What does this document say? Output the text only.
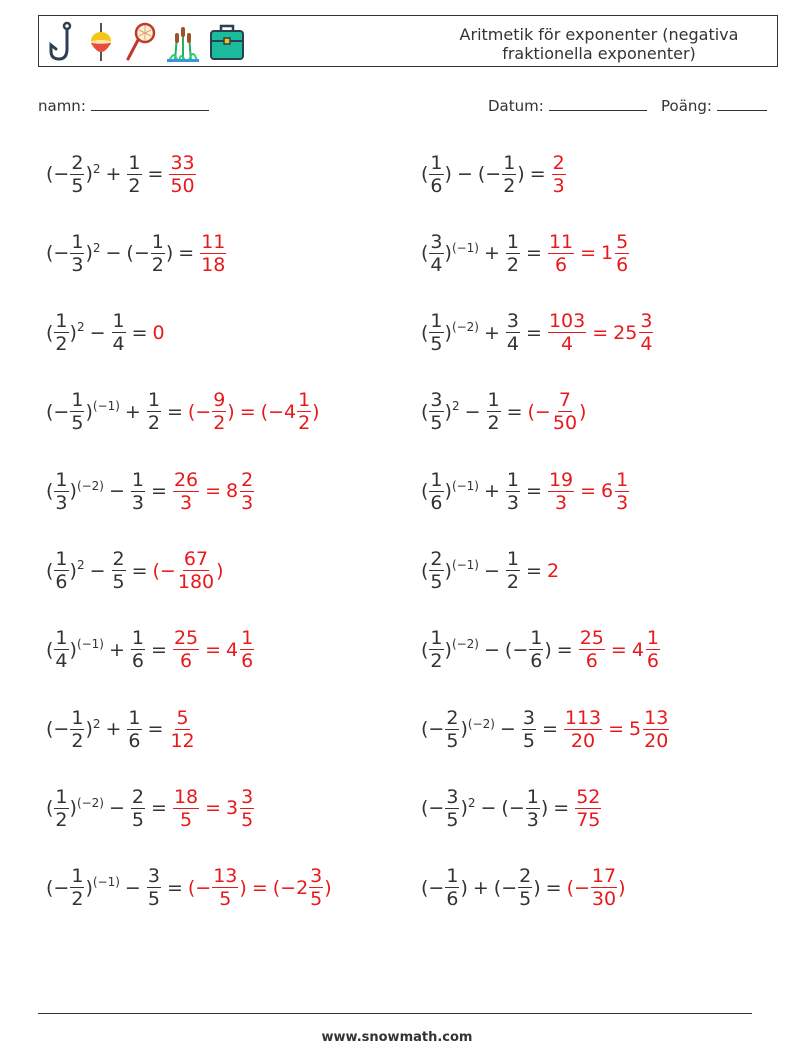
Aritmetik för exponenter (negativa fraktionella exponenter)
namn:	Datum:	Poäng:
( − $\frac{2}{5}$ ) $2 + \frac{1}{2} = \frac{33}{50}$	( $\frac{1}{6}$ ) − ( − $\frac{1}{2}$ ) = $\frac{2}{3}$
( − $\frac{1}{3}$ ) 2 − ( − $\frac{1}{2}$ ) = $\frac{11}{18}$	( $\frac{3}{4}$ ) $(-1) + \frac{1}{2} = \frac{11}{6} = 1 \frac{5}{6}$
( $\frac{1}{2}$ ) $2 - \frac{1}{4} = 0$	( $\frac{1}{5}$ ) $(-2) + \frac{3}{4} = \frac{103}{4} = 25 \frac{3}{4}$
( − $\frac{1}{5}$ ) $(-1) + \frac{1}{2}$ = (− $\frac{9}{2}$ ) = ($-4 \frac{1}{2}$ )	( $\frac{3}{5}$ ) $2 - \frac{1}{2}$ = (− $\frac{7}{50}$ )
( $\frac{1}{3}$ ) $(-2) - \frac{1}{3} = \frac{26}{3} = 8 \frac{2}{3}$	( $\frac{1}{6}$ ) $(-1) + \frac{1}{3} = \frac{19}{3} = 6 \frac{1}{3}$
( $\frac{1}{6}$ ) $2 - \frac{2}{5}$ = (− $\frac{67}{180}$ )	( $\frac{2}{5}$ ) $(-1) - \frac{1}{2} = 2$
( $\frac{1}{4}$ ) $(-1) + \frac{1}{6} = \frac{25}{6} = 4 \frac{1}{6}$	( $\frac{1}{2}$ ) (−2) − ( − $\frac{1}{6}$ ) = $\frac{25}{6} = 4 \frac{1}{6}$
( − $\frac{1}{2}$ ) $2 + \frac{1}{6} = \frac{5}{12}$	( − $\frac{2}{5}$ ) $(-2) - \frac{3}{5} = \frac{113}{20} = 5 \frac{13}{20}$
( $\frac{1}{2}$ ) $(-2) - \frac{2}{5} = \frac{18}{5} = 3 \frac{3}{5}$	( − $\frac{3}{5}$ ) 2 − ( − $\frac{1}{3}$ ) = $\frac{52}{75}$
( − $\frac{1}{2}$ ) $(-1) - \frac{3}{5}$ = (− $\frac{13}{5}$ ) = ($-2 \frac{3}{5}$ )	( − $\frac{1}{6}$ ) + ( − $\frac{2}{5}$ ) = (− $\frac{17}{30}$ )
www.snowmath.com
